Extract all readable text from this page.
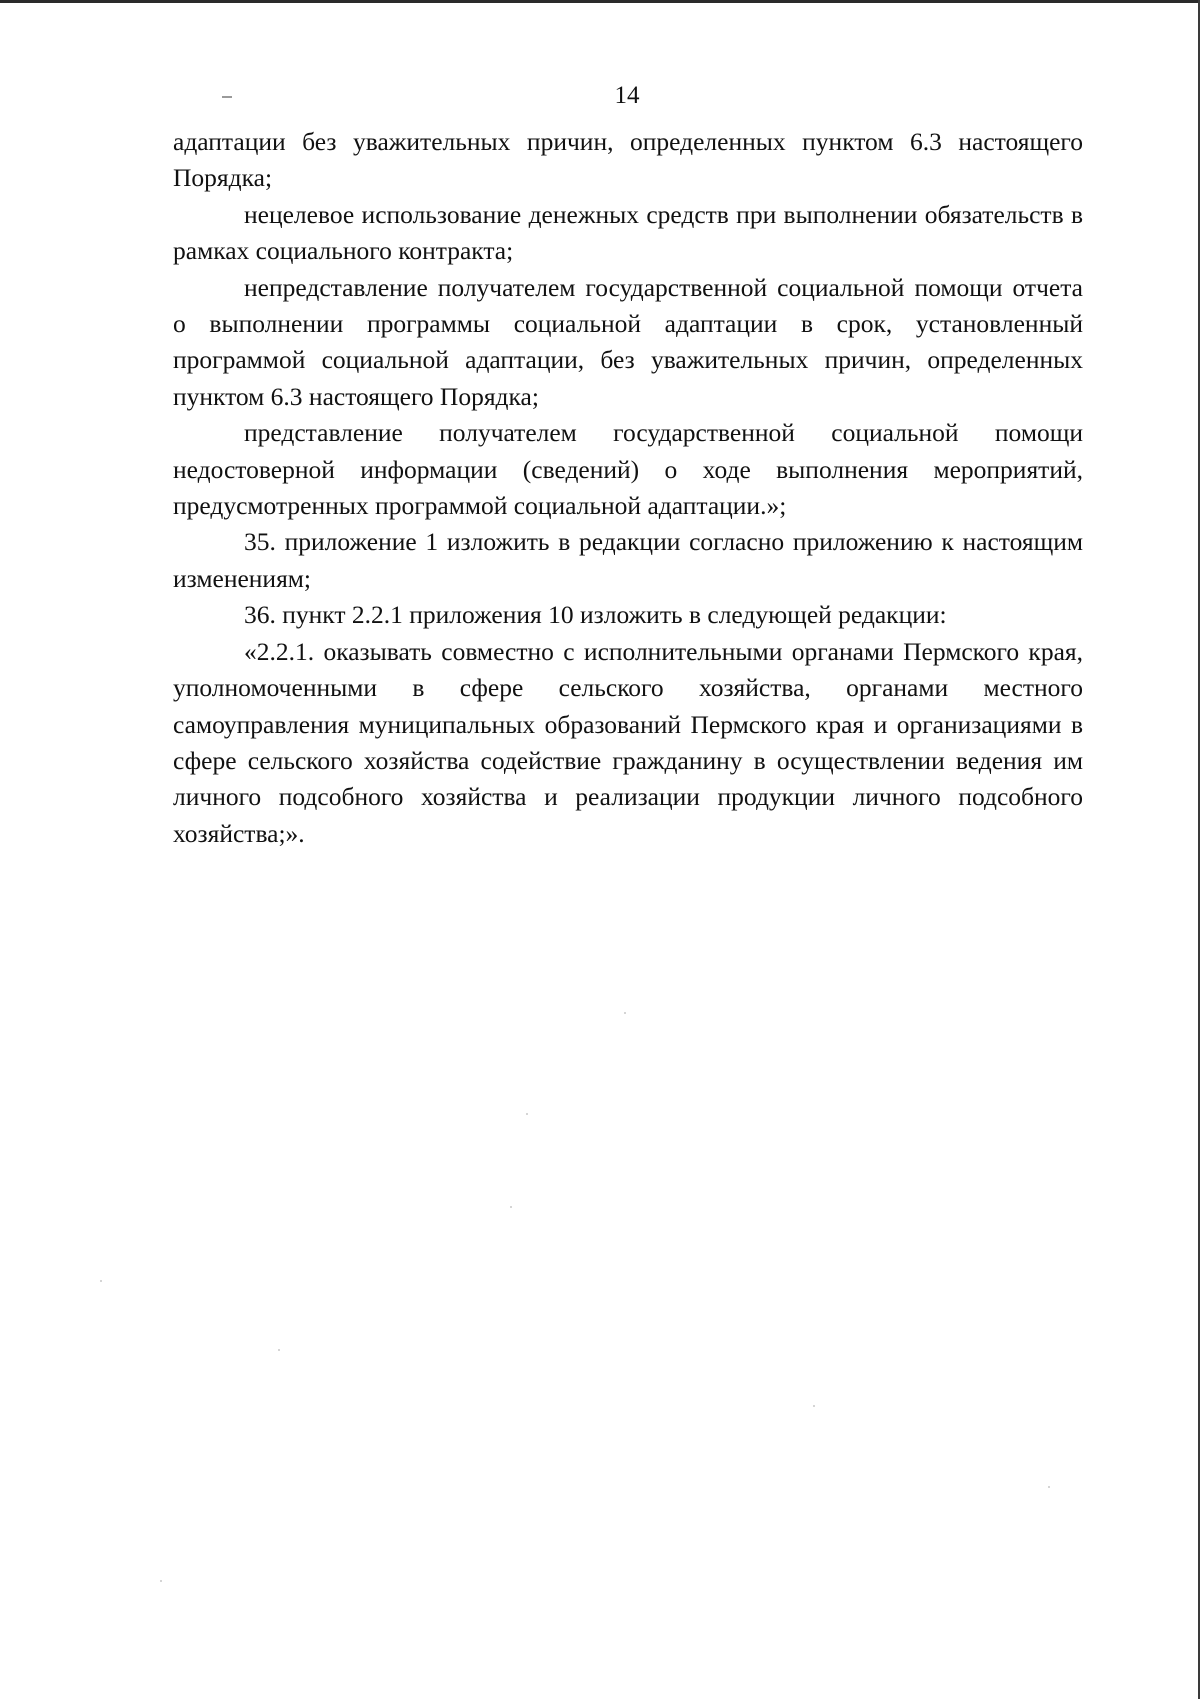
14

адаптации без уважительных причин, определенных пунктом 6.3 настоящего Порядка;

нецелевое использование денежных средств при выполнении обязательств в рамках социального контракта;

непредставление получателем государственной социальной помощи отчета о выполнении программы социальной адаптации в срок, установленный программой социальной адаптации, без уважительных причин, определенных пунктом 6.3 настоящего Порядка;

представление получателем государственной социальной помощи недостоверной информации (сведений) о ходе выполнения мероприятий, предусмотренных программой социальной адаптации.»;

35. приложение 1 изложить в редакции согласно приложению к настоящим изменениям;

36. пункт 2.2.1 приложения 10 изложить в следующей редакции:

«2.2.1. оказывать совместно с исполнительными органами Пермского края, уполномоченными в сфере сельского хозяйства, органами местного самоуправления муниципальных образований Пермского края и организациями в сфере сельского хозяйства содействие гражданину в осуществлении ведения им личного подсобного хозяйства и реализации продукции личного подсобного хозяйства;».
